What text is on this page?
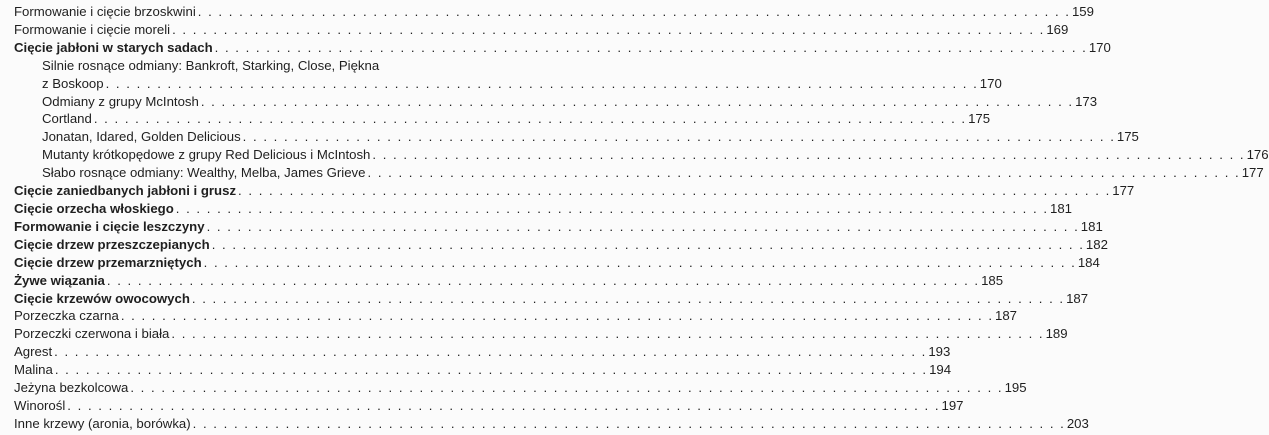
Formowanie i cięcie brzoskwini . . .	159
Formowanie i cięcie moreli . . .	169
Cięcie jabłoni w starych sadach . . .	170
Silnie rosnące odmiany: Bankroft, Starking, Close, Piękna
z Boskoop . . .	170
Odmiany z grupy McIntosh . . .	173
Cortland . . .	175
Jonatan, Idared, Golden Delicious . . .	175
Mutanty krótkopędowe z grupy Red Delicious i McIntosh . . .	176
Słabo rosnące odmiany: Wealthy, Melba, James Grieve . . .	177
Cięcie zaniedbanych jabłoni i grusz . . .	177
Cięcie orzecha włoskiego . . .	181
Formowanie i cięcie leszczyny . . .	181
Cięcie drzew przeszczepianych . . .	182
Cięcie drzew przemarzniętych . . .	184
Żywe wiązania . . .	185
Cięcie krzewów owocowych . . .	187
Porzeczka czarna . . .	187
Porzeczki czerwona i biała . . .	189
Agrest . . .	193
Malina . . .	194
Jeżyna bezkolcowa . . .	195
Winorośl . . .	197
Inne krzewy (aronia, borówka) . . .	203
